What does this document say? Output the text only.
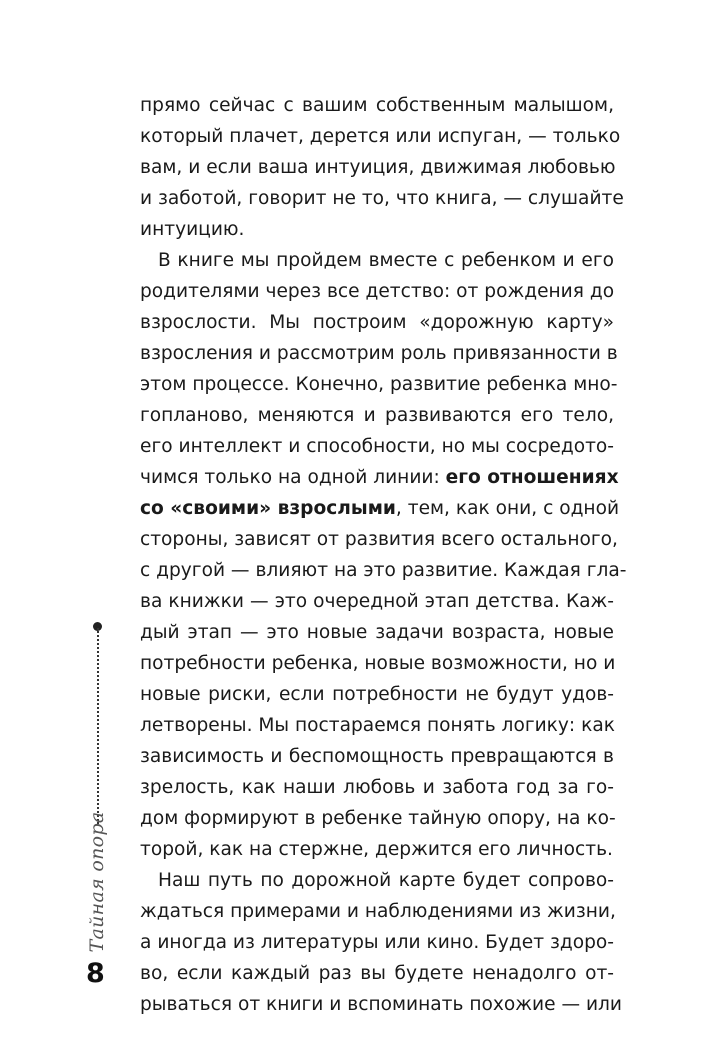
прямо сейчас с вашим собственным малышом,
который плачет, дерется или испуган, — только
вам, и если ваша интуиция, движимая любовью
и заботой, говорит не то, что книга, — слушайте
интуицию.
В книге мы пройдем вместе с ребенком и его
родителями через все детство: от рождения до
взрослости. Мы построим «дорожную карту»
взросления и рассмотрим роль привязанности в
этом процессе. Конечно, развитие ребенка мно-
гопланово, меняются и развиваются его тело,
его интеллект и способности, но мы сосредото-
чимся только на одной линии: его отношениях
со «своими» взрослыми, тем, как они, с одной
стороны, зависят от развития всего остального,
с другой — влияют на это развитие. Каждая гла-
ва книжки — это очередной этап детства. Каж-
дый этап — это новые задачи возраста, новые
потребности ребенка, новые возможности, но и
новые риски, если потребности не будут удов-
летворены. Мы постараемся понять логику: как
зависимость и беспомощность превращаются в
зрелость, как наши любовь и забота год за го-
дом формируют в ребенке тайную опору, на ко-
торой, как на стержне, держится его личность.
Наш путь по дорожной карте будет сопрово-
ждаться примерами и наблюдениями из жизни,
а иногда из литературы или кино. Будет здоро-
во, если каждый раз вы будете ненадолго от-
рываться от книги и вспоминать похожие — или
Тайная опора
8
